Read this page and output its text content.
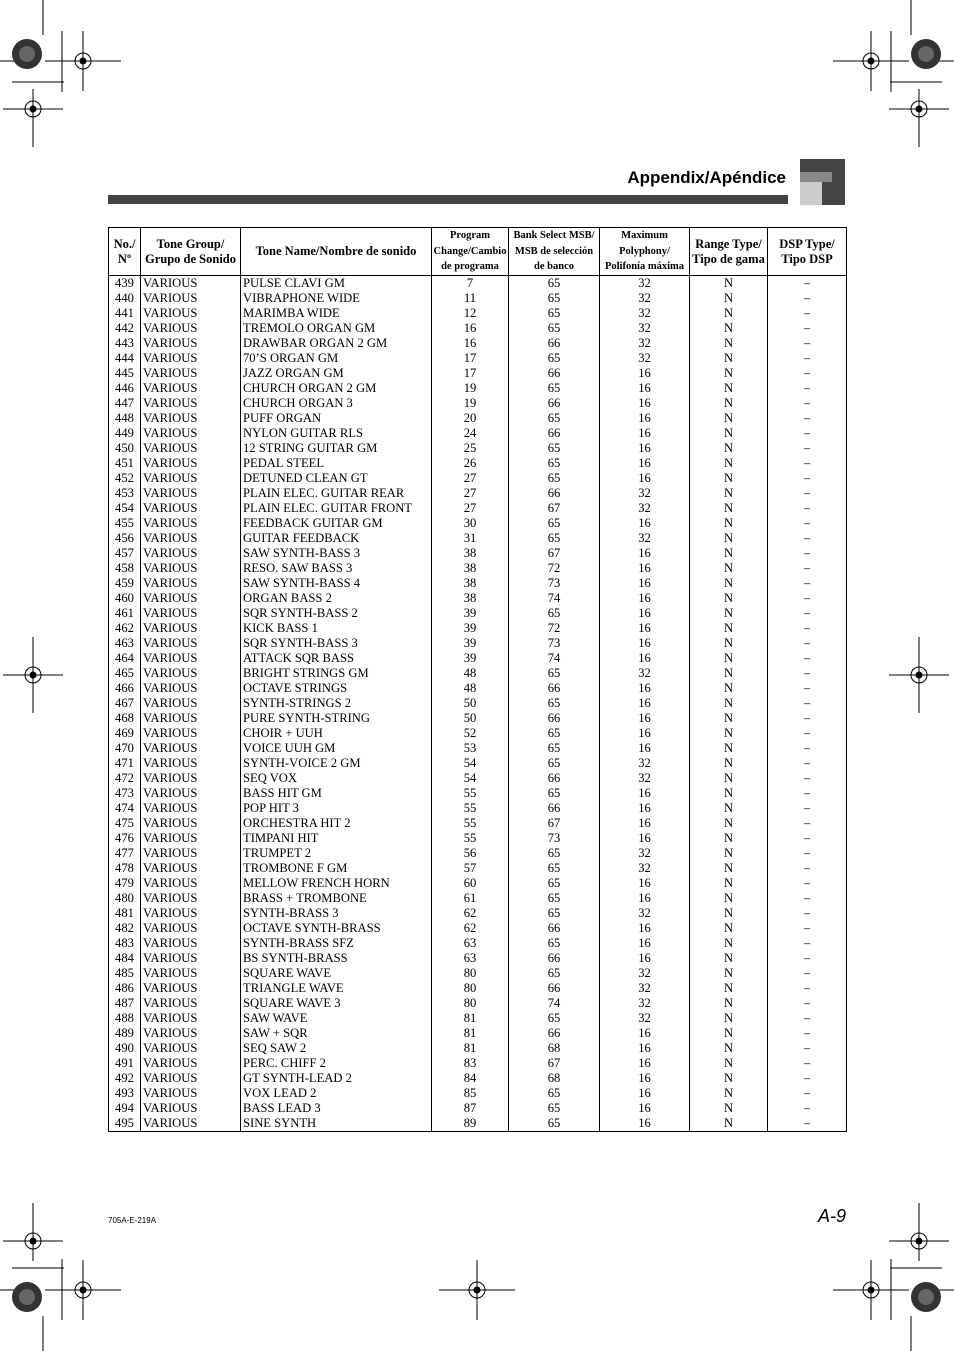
Appendix/Apéndice
No./ Nº	Tone Group/ Grupo de Sonido	Tone Name/Nombre de sonido	Program Change/Cambio de programa	Bank Select MSB/ MSB de selección de banco	Maximum Polyphony/ Polifonía máxima	Range Type/ Tipo de gama	DSP Type/ Tipo DSP
439	VARIOUS	PULSE CLAVI GM	7	65	32	N	–
440	VARIOUS	VIBRAPHONE WIDE	11	65	32	N	–
441	VARIOUS	MARIMBA WIDE	12	65	32	N	–
442	VARIOUS	TREMOLO ORGAN GM	16	65	32	N	–
443	VARIOUS	DRAWBAR ORGAN 2 GM	16	66	32	N	–
444	VARIOUS	70’S ORGAN GM	17	65	32	N	–
445	VARIOUS	JAZZ ORGAN GM	17	66	16	N	–
446	VARIOUS	CHURCH ORGAN 2 GM	19	65	16	N	–
447	VARIOUS	CHURCH ORGAN 3	19	66	16	N	–
448	VARIOUS	PUFF ORGAN	20	65	16	N	–
449	VARIOUS	NYLON GUITAR RLS	24	66	16	N	–
450	VARIOUS	12 STRING GUITAR GM	25	65	16	N	–
451	VARIOUS	PEDAL STEEL	26	65	16	N	–
452	VARIOUS	DETUNED CLEAN GT	27	65	16	N	–
453	VARIOUS	PLAIN ELEC. GUITAR REAR	27	66	32	N	–
454	VARIOUS	PLAIN ELEC. GUITAR FRONT	27	67	32	N	–
455	VARIOUS	FEEDBACK GUITAR GM	30	65	16	N	–
456	VARIOUS	GUITAR FEEDBACK	31	65	32	N	–
457	VARIOUS	SAW SYNTH-BASS 3	38	67	16	N	–
458	VARIOUS	RESO. SAW BASS 3	38	72	16	N	–
459	VARIOUS	SAW SYNTH-BASS 4	38	73	16	N	–
460	VARIOUS	ORGAN BASS 2	38	74	16	N	–
461	VARIOUS	SQR SYNTH-BASS 2	39	65	16	N	–
462	VARIOUS	KICK BASS 1	39	72	16	N	–
463	VARIOUS	SQR SYNTH-BASS 3	39	73	16	N	–
464	VARIOUS	ATTACK SQR BASS	39	74	16	N	–
465	VARIOUS	BRIGHT STRINGS GM	48	65	32	N	–
466	VARIOUS	OCTAVE STRINGS	48	66	16	N	–
467	VARIOUS	SYNTH-STRINGS 2	50	65	16	N	–
468	VARIOUS	PURE SYNTH-STRING	50	66	16	N	–
469	VARIOUS	CHOIR + UUH	52	65	16	N	–
470	VARIOUS	VOICE UUH GM	53	65	16	N	–
471	VARIOUS	SYNTH-VOICE 2 GM	54	65	32	N	–
472	VARIOUS	SEQ VOX	54	66	32	N	–
473	VARIOUS	BASS HIT GM	55	65	16	N	–
474	VARIOUS	POP HIT 3	55	66	16	N	–
475	VARIOUS	ORCHESTRA HIT 2	55	67	16	N	–
476	VARIOUS	TIMPANI HIT	55	73	16	N	–
477	VARIOUS	TRUMPET 2	56	65	32	N	–
478	VARIOUS	TROMBONE F GM	57	65	32	N	–
479	VARIOUS	MELLOW FRENCH HORN	60	65	16	N	–
480	VARIOUS	BRASS + TROMBONE	61	65	16	N	–
481	VARIOUS	SYNTH-BRASS 3	62	65	32	N	–
482	VARIOUS	OCTAVE SYNTH-BRASS	62	66	16	N	–
483	VARIOUS	SYNTH-BRASS SFZ	63	65	16	N	–
484	VARIOUS	BS SYNTH-BRASS	63	66	16	N	–
485	VARIOUS	SQUARE WAVE	80	65	32	N	–
486	VARIOUS	TRIANGLE WAVE	80	66	32	N	–
487	VARIOUS	SQUARE WAVE 3	80	74	32	N	–
488	VARIOUS	SAW WAVE	81	65	32	N	–
489	VARIOUS	SAW + SQR	81	66	16	N	–
490	VARIOUS	SEQ SAW 2	81	68	16	N	–
491	VARIOUS	PERC. CHIFF 2	83	67	16	N	–
492	VARIOUS	GT SYNTH-LEAD 2	84	68	16	N	–
493	VARIOUS	VOX LEAD 2	85	65	16	N	–
494	VARIOUS	BASS LEAD 3	87	65	16	N	–
495	VARIOUS	SINE SYNTH	89	65	16	N	–
705A-E-219A	A-9
